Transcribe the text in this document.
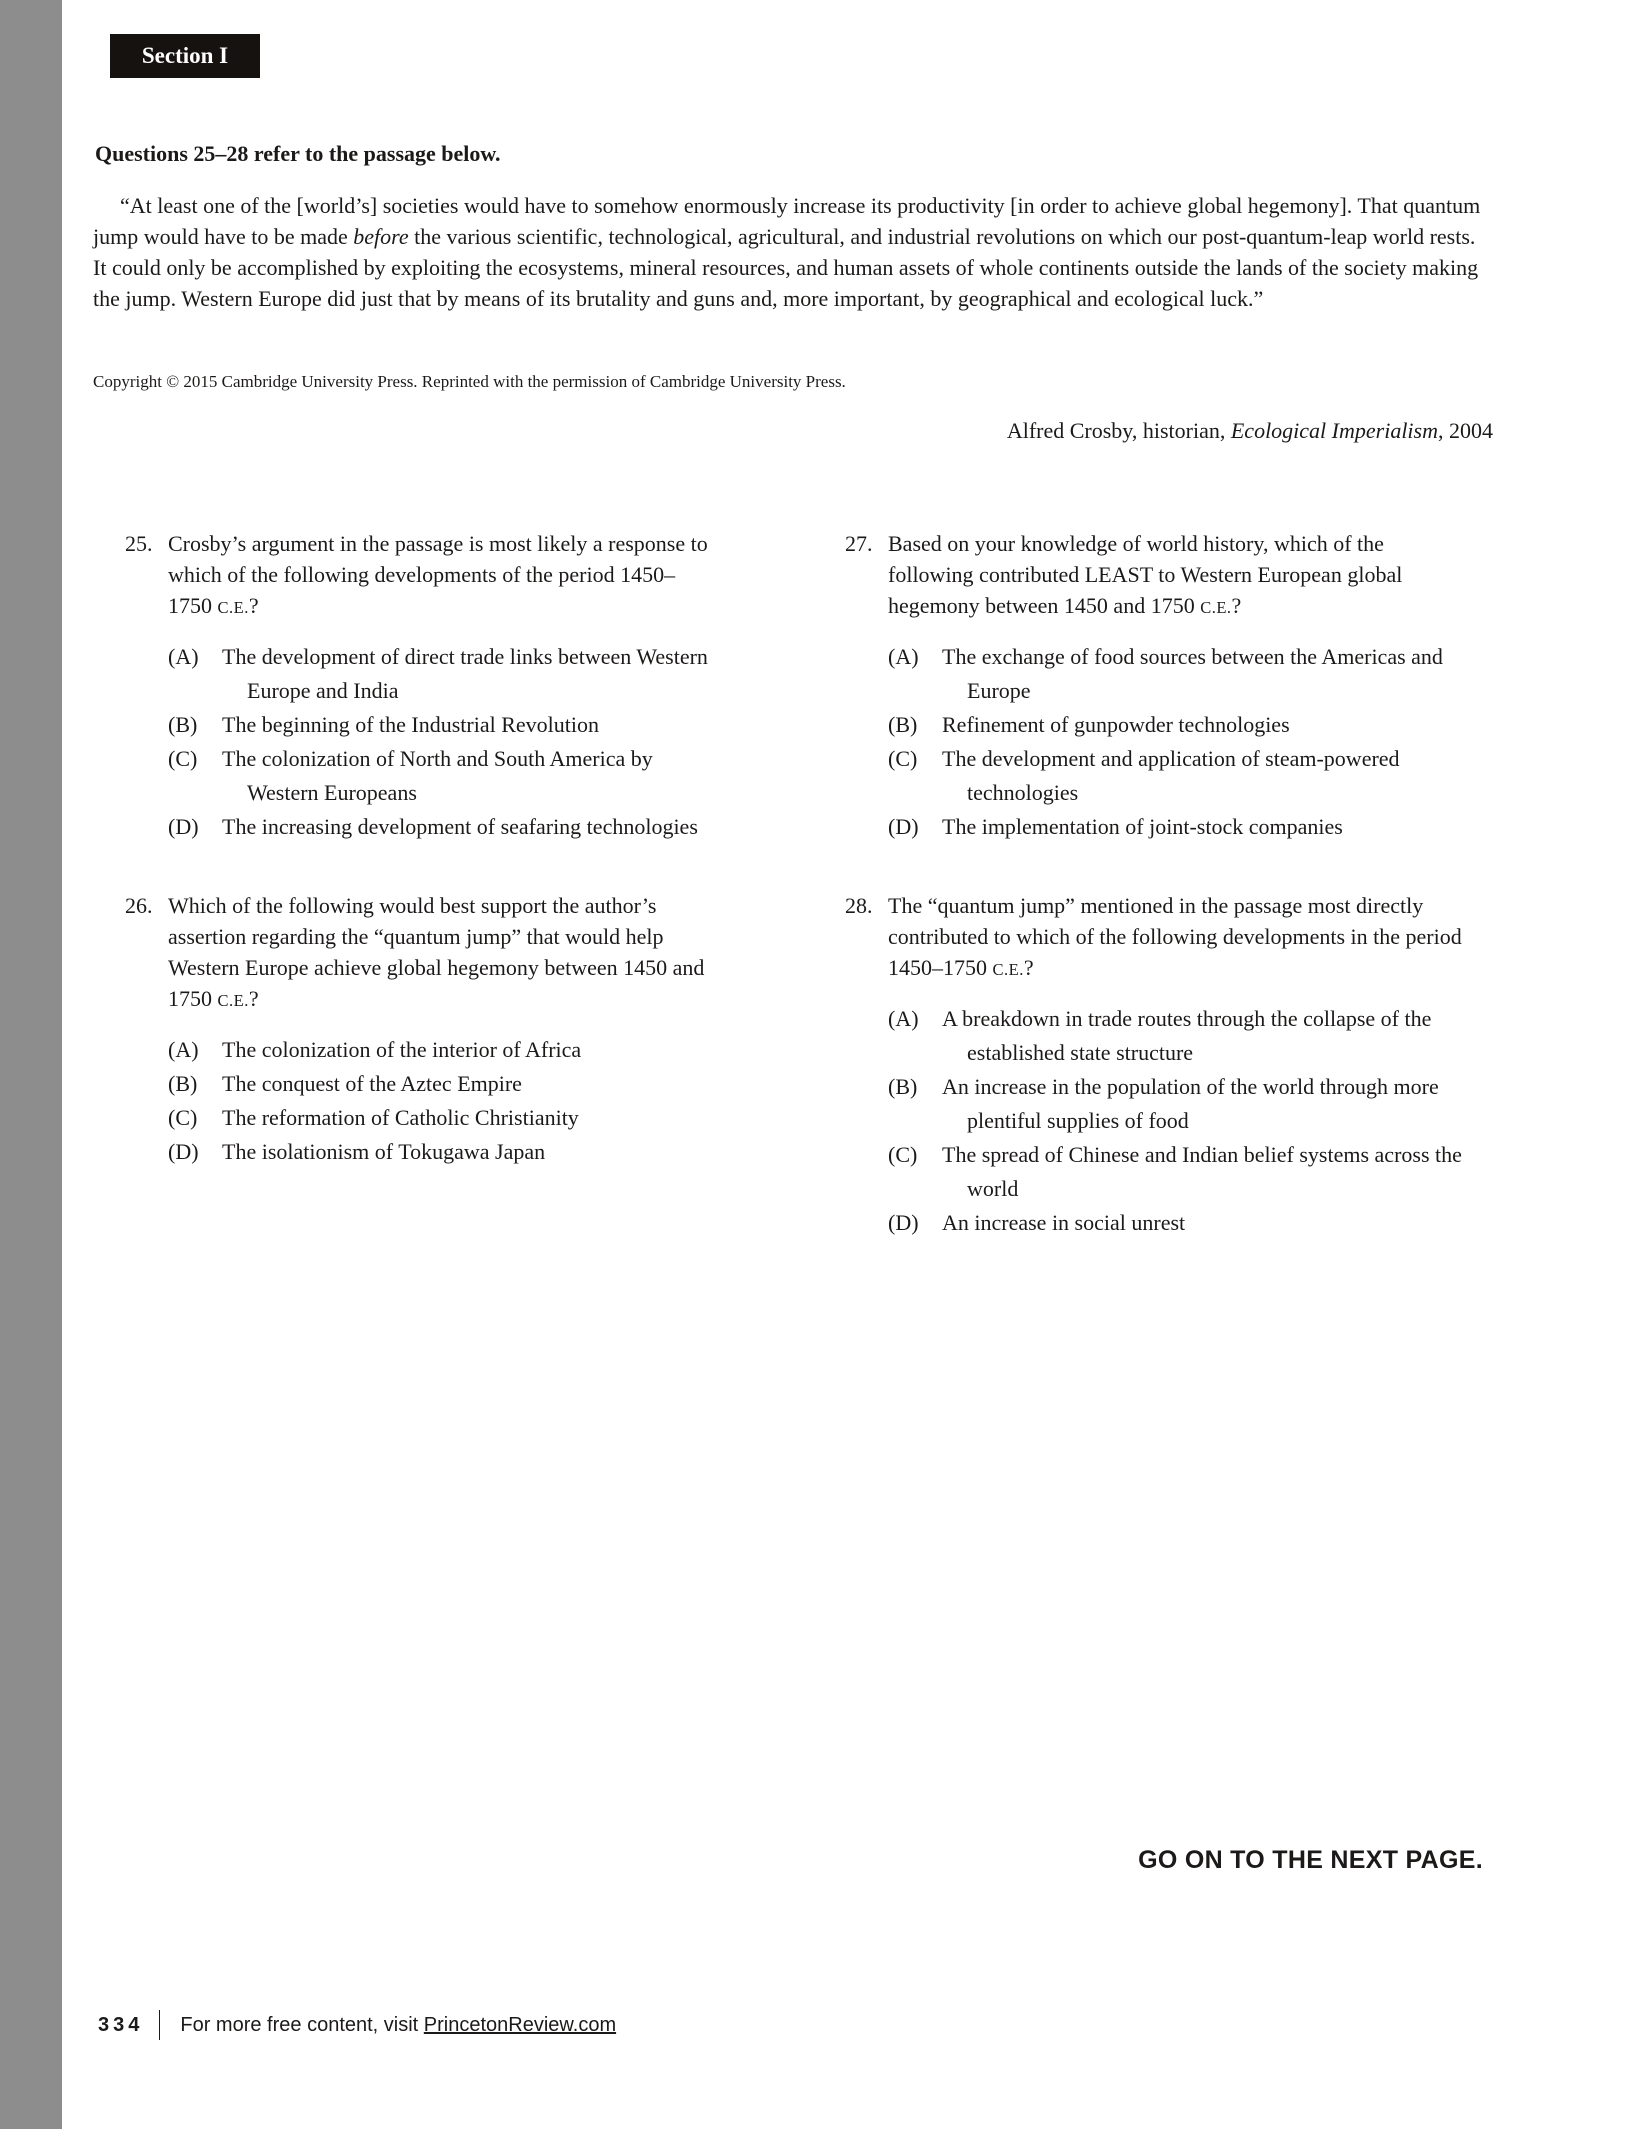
Section I
Questions 25–28 refer to the passage below.

“At least one of the [world’s] societies would have to somehow enormously increase its productivity [in order to achieve global hegemony]. That quantum jump would have to be made before the various scientific, technological, agricultural, and industrial revolutions on which our post-quantum-leap world rests. It could only be accomplished by exploiting the ecosystems, mineral resources, and human assets of whole continents outside the lands of the society making the jump. Western Europe did just that by means of its brutality and guns and, more important, by geographical and ecological luck.”

Copyright © 2015 Cambridge University Press. Reprinted with the permission of Cambridge University Press.

Alfred Crosby, historian, Ecological Imperialism, 2004

25. Crosby’s argument in the passage is most likely a response to which of the following developments of the period 1450–1750 C.E.?
(A)	The development of direct trade links between Western Europe and India
(B)	The beginning of the Industrial Revolution
(C)	The colonization of North and South America by Western Europeans
(D)	The increasing development of seafaring technologies
26. Which of the following would best support the author’s assertion regarding the “quantum jump” that would help Western Europe achieve global hegemony between 1450 and 1750 C.E.?
(A)	The colonization of the interior of Africa
(B)	The conquest of the Aztec Empire
(C)	The reformation of Catholic Christianity
(D)	The isolationism of Tokugawa Japan
27. Based on your knowledge of world history, which of the following contributed LEAST to Western European global hegemony between 1450 and 1750 C.E.?
(A)	The exchange of food sources between the Americas and Europe
(B)	Refinement of gunpowder technologies
(C)	The development and application of steam-powered technologies
(D)	The implementation of joint-stock companies
28. The “quantum jump” mentioned in the passage most directly contributed to which of the following developments in the period 1450–1750 C.E.?
(A)	A breakdown in trade routes through the collapse of the established state structure
(B)	An increase in the population of the world through more plentiful supplies of food
(C)	The spread of Chinese and Indian belief systems across the world
(D)	An increase in social unrest
GO ON TO THE NEXT PAGE.
334 For more free content, visit PrincetonReview.com
